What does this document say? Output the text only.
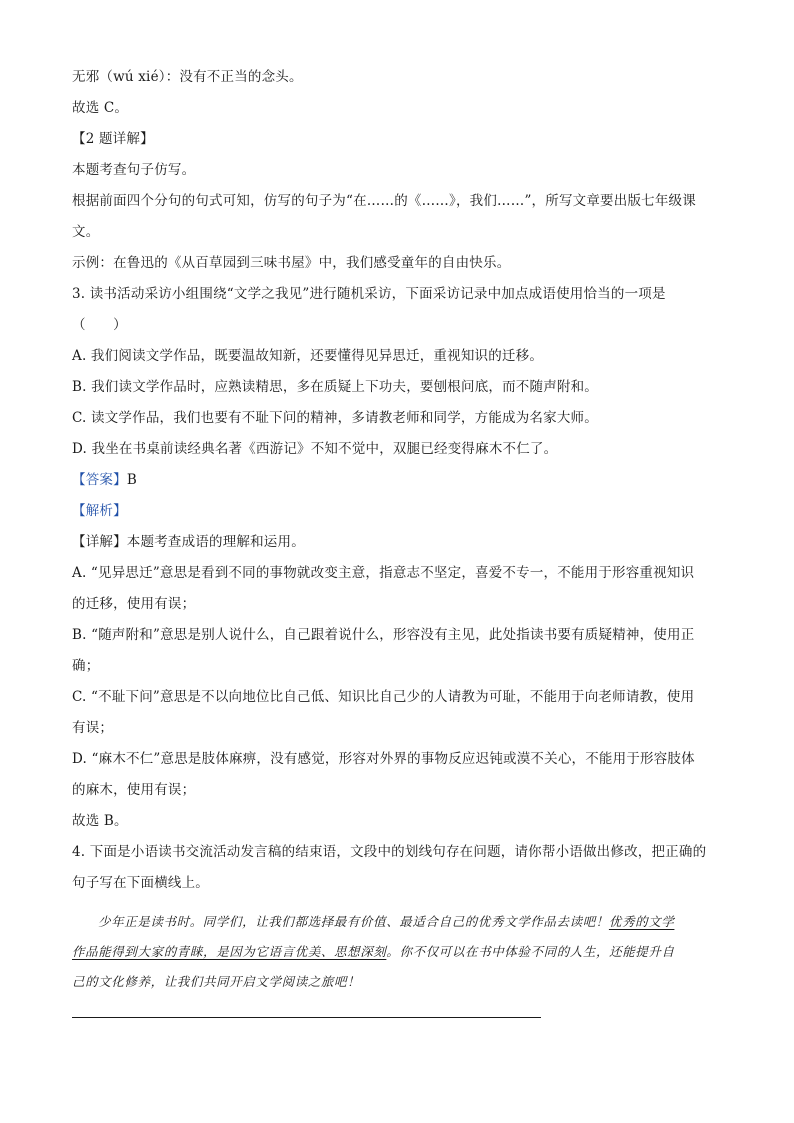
无邪（wú xié）：没有不正当的念头。
故选 C。
【2 题详解】
本题考查句子仿写。
根据前面四个分句的句式可知，仿写的句子为“在……的《……》，我们……”，所写文章要出版七年级课
文。
示例：在鲁迅的《从百草园到三味书屋》中，我们感受童年的自由快乐。
3. 读书活动采访小组围绕“文学之我见”进行随机采访，下面采访记录中加点成语使用恰当的一项是
（　　）
A. 我们阅读文学作品，既要温故知新，还要懂得见异思迁，重视知识的迁移。
B. 我们读文学作品时，应熟读精思，多在质疑上下功夫，要刨根问底，而不随声附和。
C. 读文学作品，我们也要有不耻下问的精神，多请教老师和同学，方能成为名家大师。
D. 我坐在书桌前读经典名著《西游记》不知不觉中，双腿已经变得麻木不仁了。
【答案】B
【解析】
【详解】本题考查成语的理解和运用。
A. “见异思迁”意思是看到不同的事物就改变主意，指意志不坚定，喜爱不专一，不能用于形容重视知识
的迁移，使用有误；
B. “随声附和”意思是别人说什么，自己跟着说什么，形容没有主见，此处指读书要有质疑精神，使用正
确；
C. “不耻下问”意思是不以向地位比自己低、知识比自己少的人请教为可耻，不能用于向老师请教，使用
有误；
D. “麻木不仁”意思是肢体麻痹，没有感觉，形容对外界的事物反应迟钝或漠不关心，不能用于形容肢体
的麻木，使用有误；
故选 B。
4. 下面是小语读书交流活动发言稿的结束语，文段中的划线句存在问题，请你帮小语做出修改，把正确的
句子写在下面横线上。
少年正是读书时。同学们，让我们都选择最有价值、最适合自己的优秀文学作品去读吧！优秀的文学
作品能得到大家的青睐，是因为它语言优美、思想深刻。你不仅可以在书中体验不同的人生，还能提升自
己的文化修养，让我们共同开启文学阅读之旅吧！
